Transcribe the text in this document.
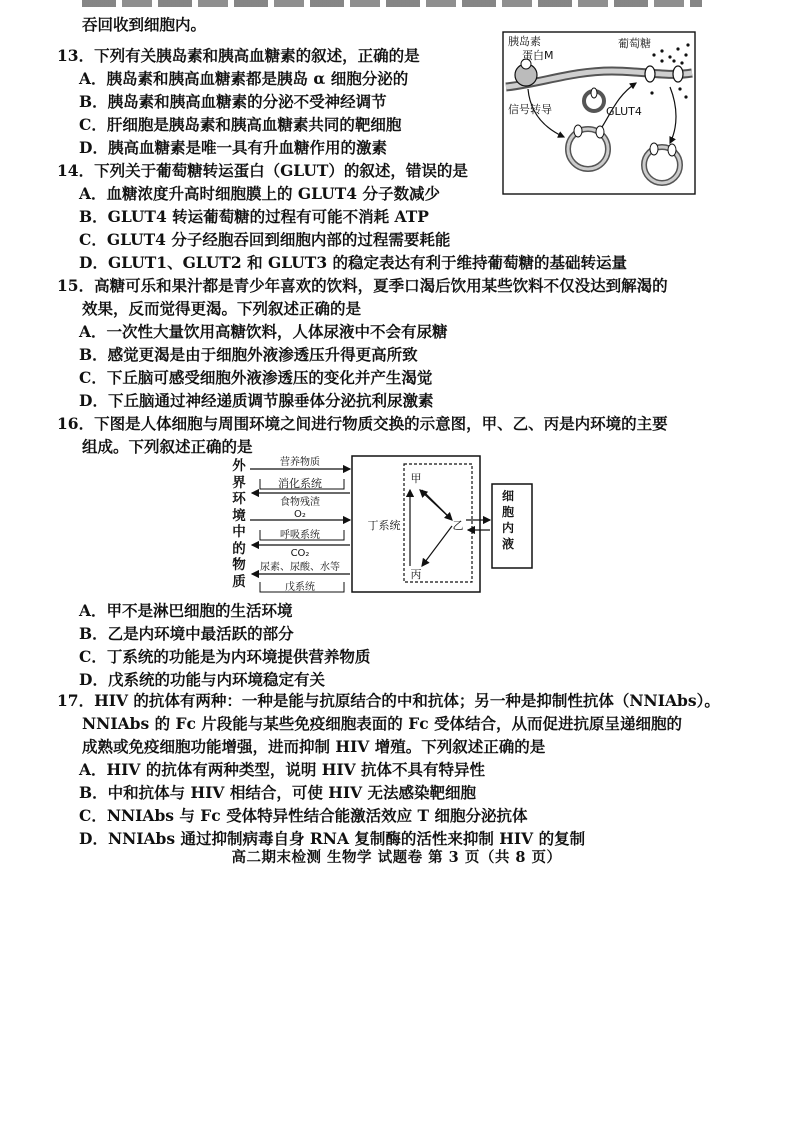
吞回收到细胞内。
13．下列有关胰岛素和胰高血糖素的叙述，正确的是
A．胰岛素和胰高血糖素都是胰岛 α 细胞分泌的
B．胰岛素和胰高血糖素的分泌不受神经调节
C．肝细胞是胰岛素和胰高血糖素共同的靶细胞
D．胰高血糖素是唯一具有升血糖作用的激素
14．下列关于葡萄糖转运蛋白（GLUT）的叙述，错误的是
A．血糖浓度升高时细胞膜上的 GLUT4 分子数减少
B．GLUT4 转运葡萄糖的过程有可能不消耗 ATP
C．GLUT4 分子经胞吞回到细胞内部的过程需要耗能
D．GLUT1、GLUT2 和 GLUT3 的稳定表达有利于维持葡萄糖的基础转运量
15．高糖可乐和果汁都是青少年喜欢的饮料，夏季口渴后饮用某些饮料不仅没达到解渴的
效果，反而觉得更渴。下列叙述正确的是
A．一次性大量饮用高糖饮料，人体尿液中不会有尿糖
B．感觉更渴是由于细胞外液渗透压升得更高所致
C．下丘脑可感受细胞外液渗透压的变化并产生渴觉
D．下丘脑通过神经递质调节腺垂体分泌抗利尿激素
16．下图是人体细胞与周围环境之间进行物质交换的示意图，甲、乙、丙是内环境的主要
组成。下列叙述正确的是
外界环境中的物质
营养物质
消化系统
食物残渣
O₂
呼吸系统
CO₂
尿素、尿酸、水等
戊系统
丁系统
甲
丙
乙
细胞内液
A．甲不是淋巴细胞的生活环境
B．乙是内环境中最活跃的部分
C．丁系统的功能是为内环境提供营养物质
D．戊系统的功能与内环境稳定有关
17．HIV 的抗体有两种：一种是能与抗原结合的中和抗体；另一种是抑制性抗体（NNIAbs）。
NNIAbs 的 Fc 片段能与某些免疫细胞表面的 Fc 受体结合，从而促进抗原呈递细胞的
成熟或免疫细胞功能增强，进而抑制 HIV 增殖。下列叙述正确的是
A．HIV 的抗体有两种类型，说明 HIV 抗体不具有特异性
B．中和抗体与 HIV 相结合，可使 HIV 无法感染靶细胞
C．NNIAbs 与 Fc 受体特异性结合能激活效应 T 细胞分泌抗体
D．NNIAbs 通过抑制病毒自身 RNA 复制酶的活性来抑制 HIV 的复制
高二期末检测 生物学 试题卷 第 3 页（共 8 页）
胰岛素
蛋白M
葡萄糖
信号转导	GLUT4
